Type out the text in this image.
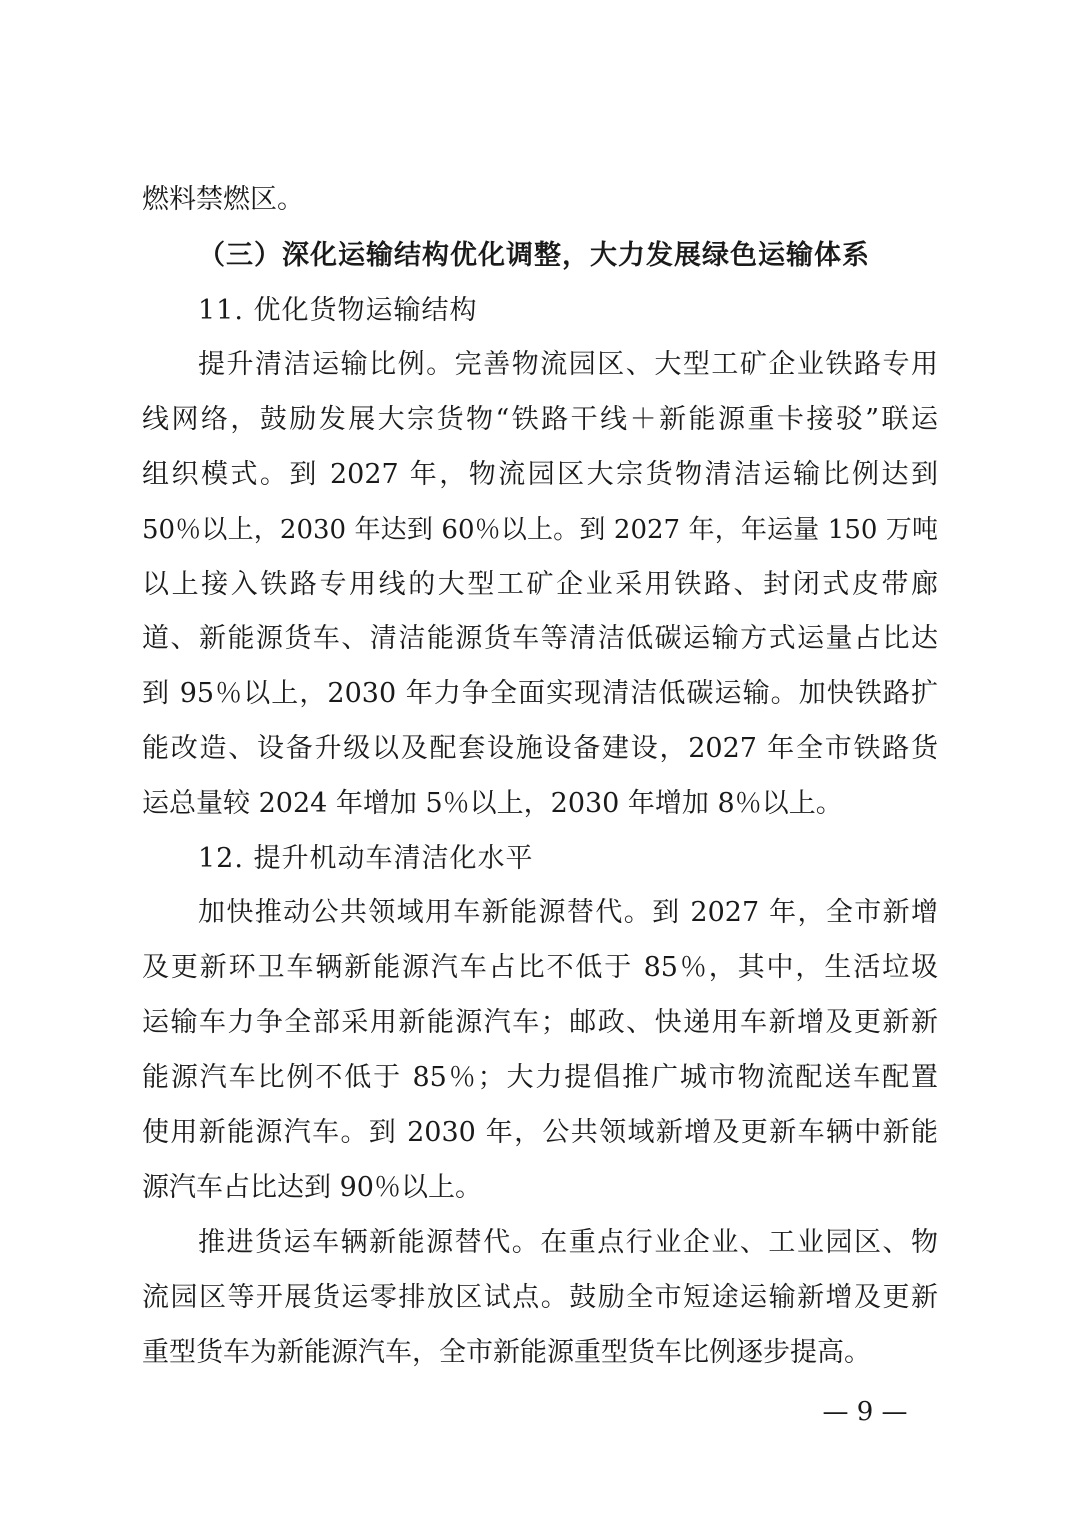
燃料禁燃区。
（三）深化运输结构优化调整，大力发展绿色运输体系
11. 优化货物运输结构
提升清洁运输比例。完善物流园区、大型工矿企业铁路专用
线网络，鼓励发展大宗货物“铁路干线＋新能源重卡接驳”联运
组织模式。到 2027 年，物流园区大宗货物清洁运输比例达到
50％以上，2030 年达到 60％以上。到 2027 年，年运量 150 万吨
以上接入铁路专用线的大型工矿企业采用铁路、封闭式皮带廊
道、新能源货车、清洁能源货车等清洁低碳运输方式运量占比达
到 95％以上，2030 年力争全面实现清洁低碳运输。加快铁路扩
能改造、设备升级以及配套设施设备建设，2027 年全市铁路货
运总量较 2024 年增加 5％以上，2030 年增加 8％以上。
12. 提升机动车清洁化水平
加快推动公共领域用车新能源替代。到 2027 年，全市新增
及更新环卫车辆新能源汽车占比不低于 85％，其中，生活垃圾
运输车力争全部采用新能源汽车；邮政、快递用车新增及更新新
能源汽车比例不低于 85％；大力提倡推广城市物流配送车配置
使用新能源汽车。到 2030 年，公共领域新增及更新车辆中新能
源汽车占比达到 90％以上。
推进货运车辆新能源替代。在重点行业企业、工业园区、物
流园区等开展货运零排放区试点。鼓励全市短途运输新增及更新
重型货车为新能源汽车，全市新能源重型货车比例逐步提高。
— 9 —
